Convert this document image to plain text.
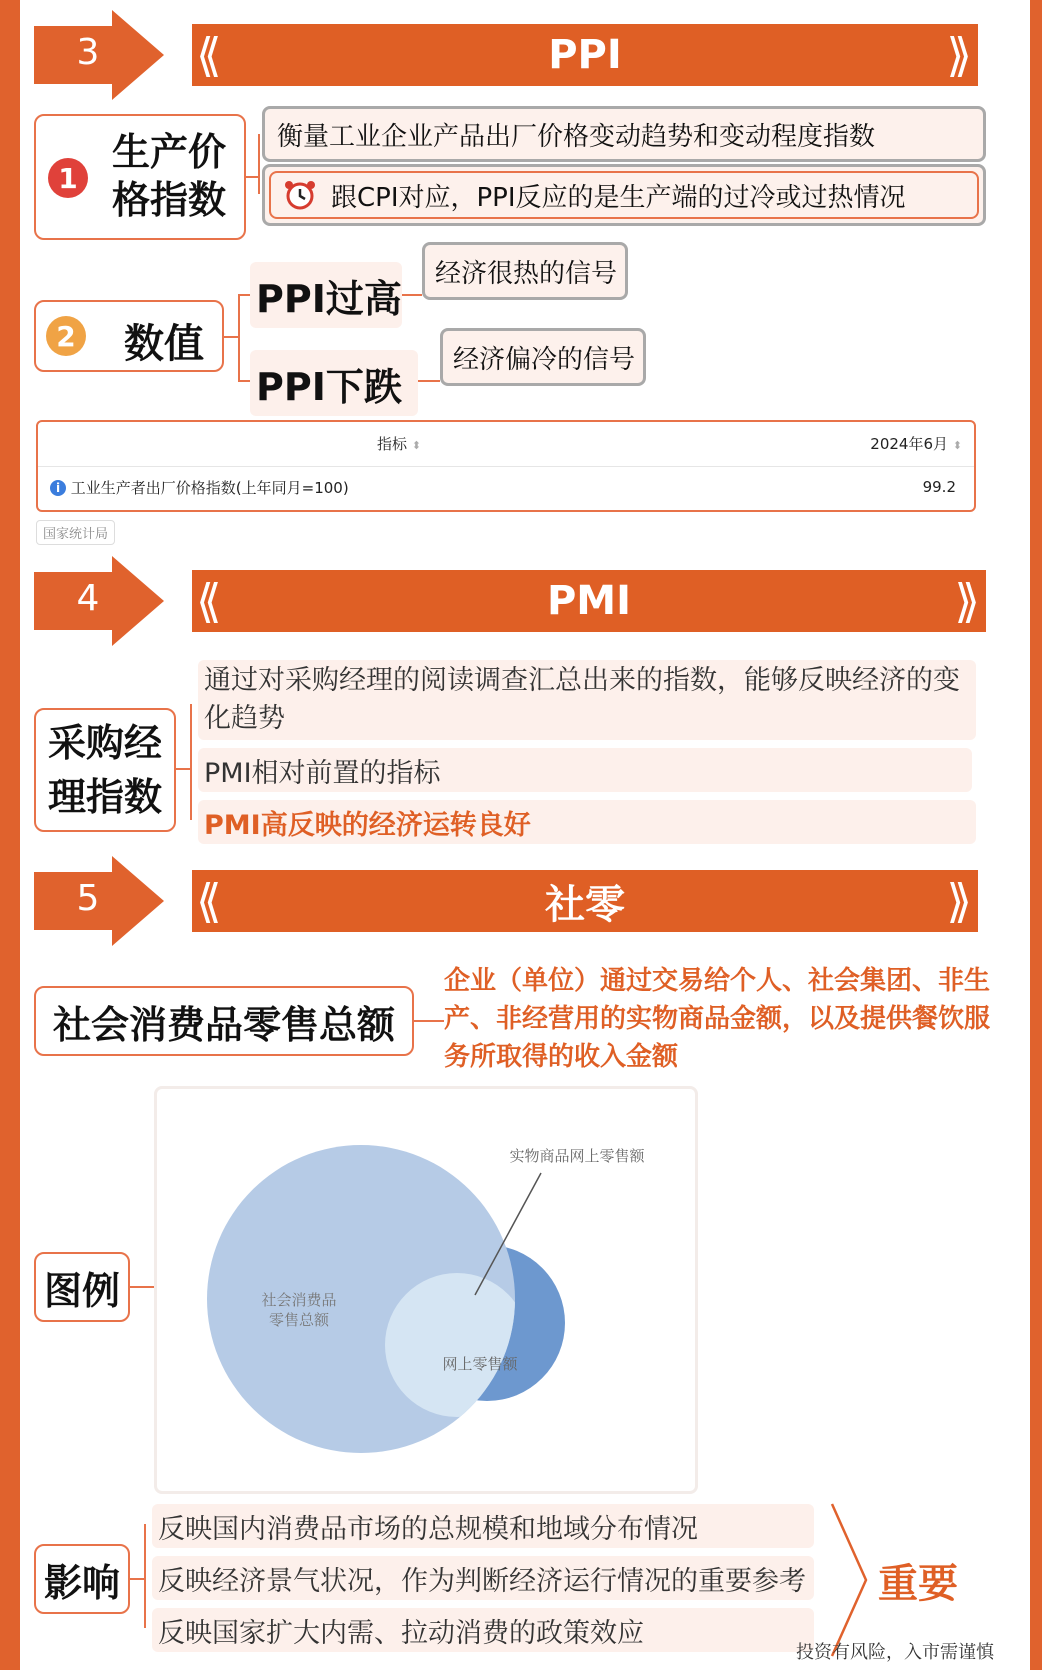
3	⟪	PPI	⟫
1
生产价
格指数
衡量工业企业产品出厂价格变动趋势和变动程度指数
跟CPI对应，PPI反应的是生产端的过冷或过热情况
2 数值
PPI过高
经济很热的信号
PPI下跌
经济偏冷的信号
指标 ⬍	2024年6月 ⬍
i 工业生产者出厂价格指数(上年同月=100)	99.2
国家统计局
4	⟪	PMI	⟫
采购经
理指数
通过对采购经理的阅读调查汇总出来的指数，能够反映经济的变化趋势
PMI相对前置的指标
PMI高反映的经济运转良好
5	⟪	社零	⟫
社会消费品零售总额
企业（单位）通过交易给个人、社会集团、非生产、非经营用的实物商品金额，以及提供餐饮服务所取得的收入金额
图例
实物商品网上零售额
社会消费品
零售总额
网上零售额
影响
反映国内消费品市场的总规模和地域分布情况
反映经济景气状况，作为判断经济运行情况的重要参考
反映国家扩大内需、拉动消费的政策效应
重要
投资有风险，入市需谨慎
